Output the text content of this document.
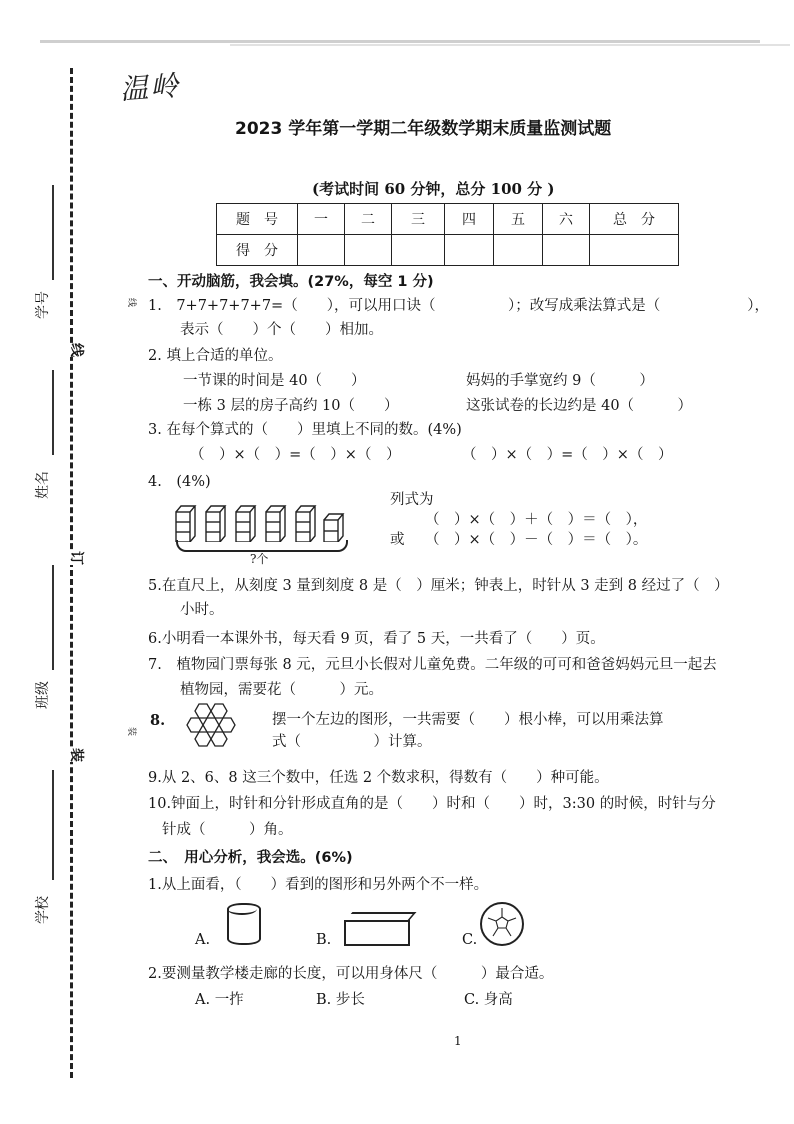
学号
姓名
班级
学校
线
订
装
线
装
温岭
2023 学年第一学期二年级数学期末质量监测试题
(考试时间 60 分钟，总分 100 分 )
题　号	一	二	三	四	五	六	总　分
得　分							
一、开动脑筋，我会填。(27%，每空 1 分)
1.　7+7+7+7+7=（　　），可以用口诀（　　　　　）；改写成乘法算式是（　　　　　　），
表示（　　）个（　　）相加。
2. 填上合适的单位。
一节课的时间是 40（　　）	妈妈的手掌宽约 9（　　　）
一栋 3 层的房子高约 10（　　）	这张试卷的长边约是 40（　　　）
3. 在每个算式的（　　）里填上不同的数。(4%)
（　）×（　）=（　）×（　）	（　）×（　）=（　）×（　）
4.　(4%)
?个
列式为
（　）×（　）＋（　）＝（　），
或 （　）×（　）－（　）＝（　）。
5.在直尺上，从刻度 3 量到刻度 8 是（　）厘米；钟表上，时针从 3 走到 8 经过了（　）
小时。
6.小明看一本课外书，每天看 9 页，看了 5 天，一共看了（　　）页。
7.　植物园门票每张 8 元，元旦小长假对儿童免费。二年级的可可和爸爸妈妈元旦一起去
植物园，需要花（　　　）元。
8.	摆一个左边的图形，一共需要（　　）根小棒，可以用乘法算
式（　　　　　）计算。
9.从 2、6、8 这三个数中，任选 2 个数求积，得数有（　　）种可能。
10.钟面上，时针和分针形成直角的是（　　）时和（　　）时，3:30 的时候，时针与分
针成（　　　）角。
二、　用心分析，我会选。(6%)
1.从上面看，（　　）看到的图形和另外两个不一样。
A.	B.	C.
2.要测量教学楼走廊的长度，可以用身体尺（　　　）最合适。
A. 一拃	B. 步长	C. 身高
1
